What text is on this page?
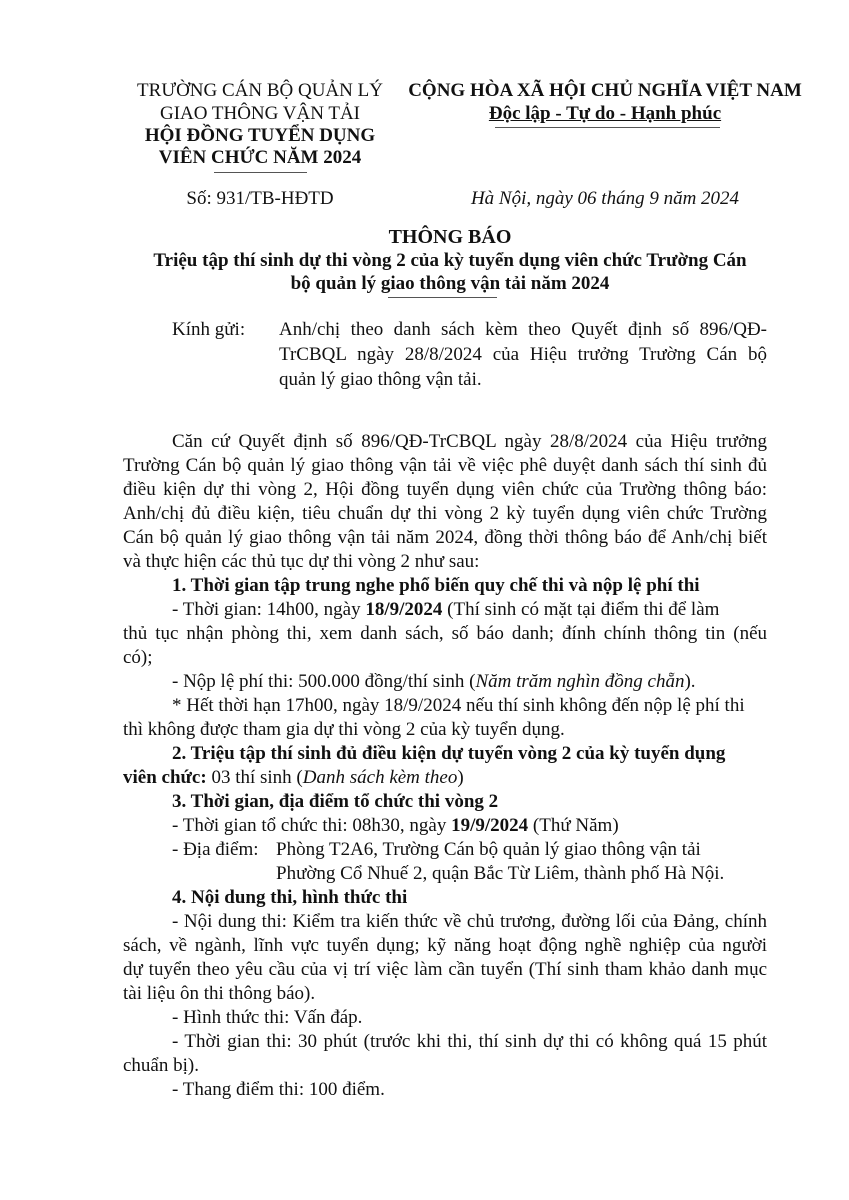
TRƯỜNG CÁN BỘ QUẢN LÝ
GIAO THÔNG VẬN TẢI
HỘI ĐỒNG TUYỂN DỤNG
VIÊN CHỨC NĂM 2024
CỘNG HÒA XÃ HỘI CHỦ NGHĨA VIỆT NAM
Độc lập - Tự do - Hạnh phúc
Số: 931/TB-HĐTD	Hà Nội, ngày 06 tháng 9 năm 2024
THÔNG BÁO
Triệu tập thí sinh dự thi vòng 2 của kỳ tuyển dụng viên chức Trường Cán
bộ quản lý giao thông vận tải năm 2024
Kính gửi: Anh/chị theo danh sách kèm theo Quyết định số 896/QĐ-
TrCBQL ngày 28/8/2024 của Hiệu trưởng Trường Cán bộ
quản lý giao thông vận tải.
Căn cứ Quyết định số 896/QĐ-TrCBQL ngày 28/8/2024 của Hiệu trưởng
Trường Cán bộ quản lý giao thông vận tải về việc phê duyệt danh sách thí sinh đủ
điều kiện dự thi vòng 2, Hội đồng tuyển dụng viên chức của Trường thông báo:
Anh/chị đủ điều kiện, tiêu chuẩn dự thi vòng 2 kỳ tuyển dụng viên chức Trường
Cán bộ quản lý giao thông vận tải năm 2024, đồng thời thông báo để Anh/chị biết
và thực hiện các thủ tục dự thi vòng 2 như sau:
1. Thời gian tập trung nghe phổ biến quy chế thi và nộp lệ phí thi
- Thời gian: 14h00, ngày 18/9/2024 (Thí sinh có mặt tại điểm thi để làm
thủ tục nhận phòng thi, xem danh sách, số báo danh; đính chính thông tin (nếu
có);
- Nộp lệ phí thi: 500.000 đồng/thí sinh (Năm trăm nghìn đồng chẵn).
* Hết thời hạn 17h00, ngày 18/9/2024 nếu thí sinh không đến nộp lệ phí thi
thì không được tham gia dự thi vòng 2 của kỳ tuyển dụng.
2. Triệu tập thí sinh đủ điều kiện dự tuyển vòng 2 của kỳ tuyển dụng
viên chức: 03 thí sinh (Danh sách kèm theo)
3. Thời gian, địa điểm tổ chức thi vòng 2
- Thời gian tổ chức thi: 08h30, ngày 19/9/2024 (Thứ Năm)
- Địa điểm: Phòng T2A6, Trường Cán bộ quản lý giao thông vận tải
Phường Cổ Nhuế 2, quận Bắc Từ Liêm, thành phố Hà Nội.
4. Nội dung thi, hình thức thi
- Nội dung thi: Kiểm tra kiến thức về chủ trương, đường lối của Đảng, chính
sách, về ngành, lĩnh vực tuyển dụng; kỹ năng hoạt động nghề nghiệp của người
dự tuyển theo yêu cầu của vị trí việc làm cần tuyển (Thí sinh tham khảo danh mục
tài liệu ôn thi thông báo).
- Hình thức thi: Vấn đáp.
- Thời gian thi: 30 phút (trước khi thi, thí sinh dự thi có không quá 15 phút
chuẩn bị).
- Thang điểm thi: 100 điểm.
